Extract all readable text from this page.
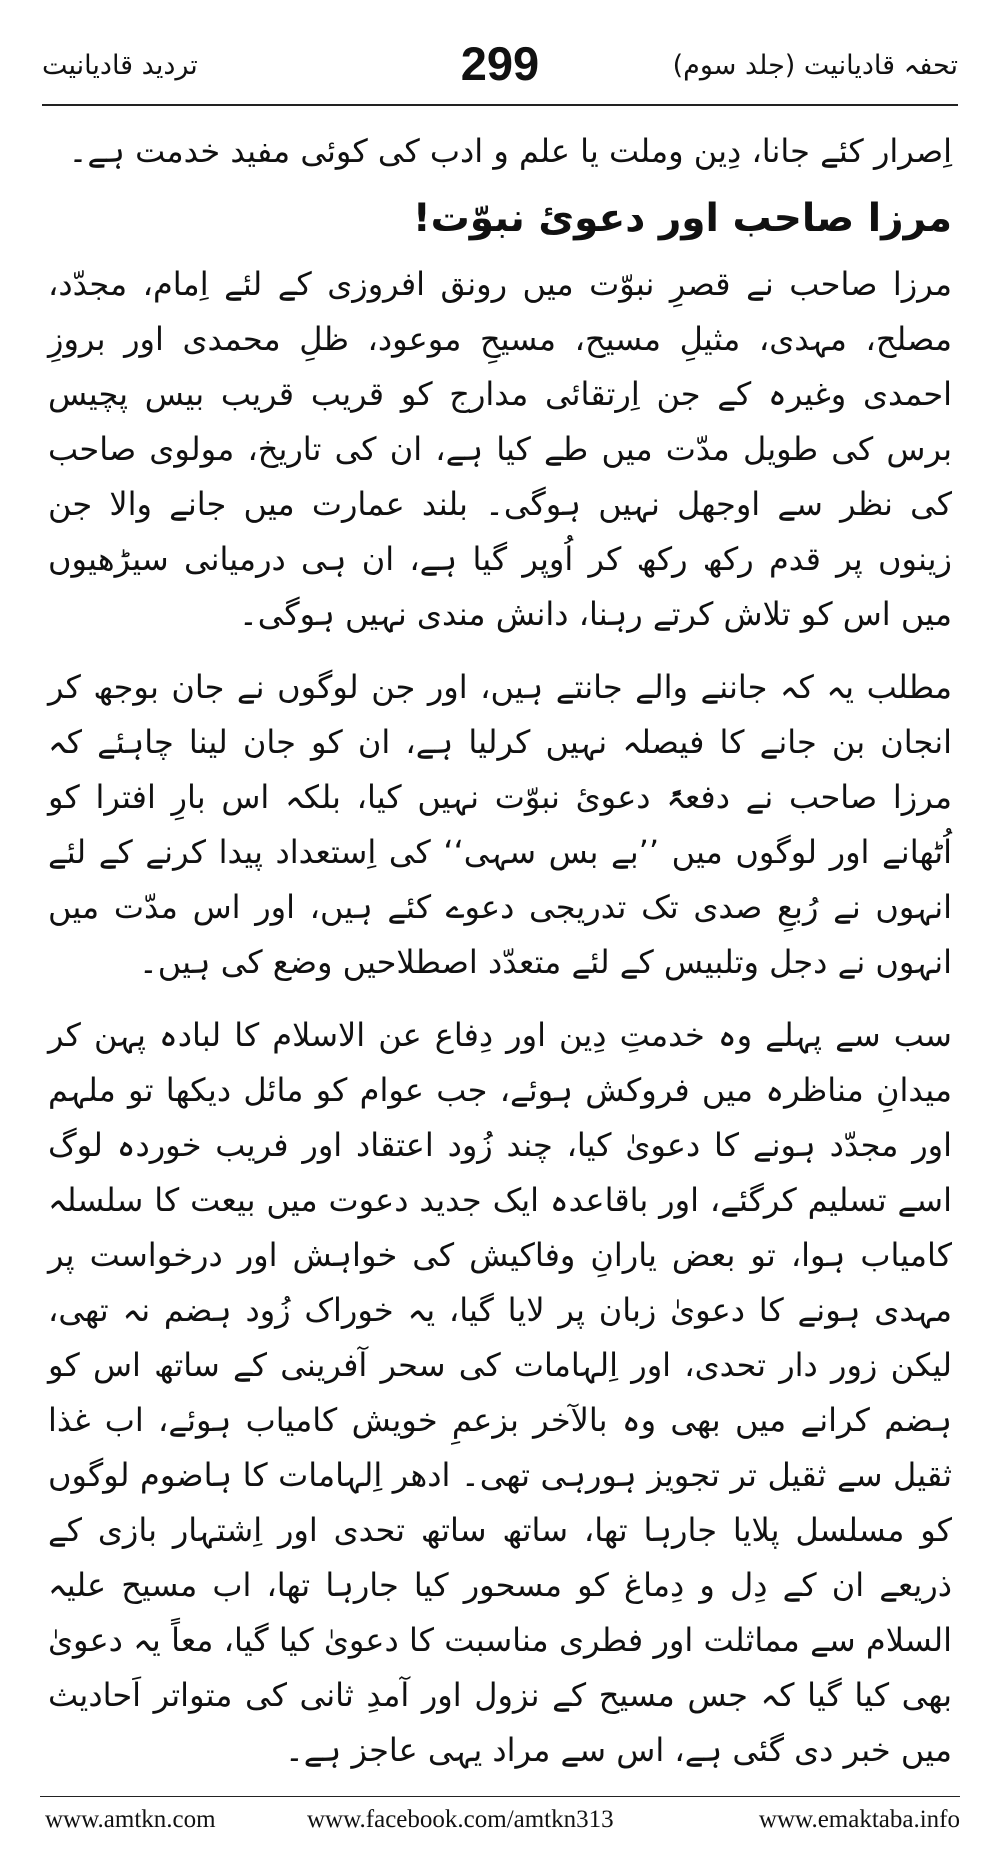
تحفہ قادیانیت (جلد سوم)
299
تردید قادیانیت

اِصرار کئے جانا، دِین وملت یا علم و ادب کی کوئی مفید خدمت ہے۔

مرزا صاحب اور دعویٔ نبوّت!

مرزا صاحب نے قصرِ نبوّت میں رونق افروزی کے لئے اِمام، مجدّد، مصلح، مہدی، مثیلِ مسیح، مسیحِ موعود، ظلِ محمدی اور بروزِ احمدی وغیرہ کے جن اِرتقائی مدارج کو قریب قریب بیس پچیس برس کی طویل مدّت میں طے کیا ہے، ان کی تاریخ، مولوی صاحب کی نظر سے اوجھل نہیں ہوگی۔ بلند عمارت میں جانے والا جن زینوں پر قدم رکھ رکھ کر اُوپر گیا ہے، ان ہی درمیانی سیڑھیوں میں اس کو تلاش کرتے رہنا، دانش مندی نہیں ہوگی۔

مطلب یہ کہ جاننے والے جانتے ہیں، اور جن لوگوں نے جان بوجھ کر انجان بن جانے کا فیصلہ نہیں کرلیا ہے، ان کو جان لینا چاہئے کہ مرزا صاحب نے دفعۃً دعویٔ نبوّت نہیں کیا، بلکہ اس بارِ افترا کو اُٹھانے اور لوگوں میں ’’بے بس سہی‘‘ کی اِستعداد پیدا کرنے کے لئے انہوں نے رُبعِ صدی تک تدریجی دعوے کئے ہیں، اور اس مدّت میں انہوں نے دجل وتلبیس کے لئے متعدّد اصطلاحیں وضع کی ہیں۔

سب سے پہلے وہ خدمتِ دِین اور دِفاع عن الاسلام کا لبادہ پہن کر میدانِ مناظرہ میں فروکش ہوئے، جب عوام کو مائل دیکھا تو ملہم اور مجدّد ہونے کا دعویٰ کیا، چند زُود اعتقاد اور فریب خوردہ لوگ اسے تسلیم کرگئے، اور باقاعدہ ایک جدید دعوت میں بیعت کا سلسلہ کامیاب ہوا، تو بعض یارانِ وفاکیش کی خواہش اور درخواست پر مہدی ہونے کا دعویٰ زبان پر لایا گیا، یہ خوراک زُود ہضم نہ تھی، لیکن زور دار تحدی، اور اِلہامات کی سحر آفرینی کے ساتھ اس کو ہضم کرانے میں بھی وہ بالآخر بزعمِ خویش کامیاب ہوئے، اب غذا ثقیل سے ثقیل تر تجویز ہورہی تھی۔ ادھر اِلہامات کا ہاضوم لوگوں کو مسلسل پلایا جارہا تھا، ساتھ ساتھ تحدی اور اِشتہار بازی کے ذریعے ان کے دِل و دِماغ کو مسحور کیا جارہا تھا، اب مسیح علیہ السلام سے مماثلت اور فطری مناسبت کا دعویٰ کیا گیا، معاً یہ دعویٰ بھی کیا گیا کہ جس مسیح کے نزول اور آمدِ ثانی کی متواتر اَحادیث میں خبر دی گئی ہے، اس سے مراد یہی عاجز ہے۔

www.amtkn.com	www.facebook.com/amtkn313	www.emaktaba.info
